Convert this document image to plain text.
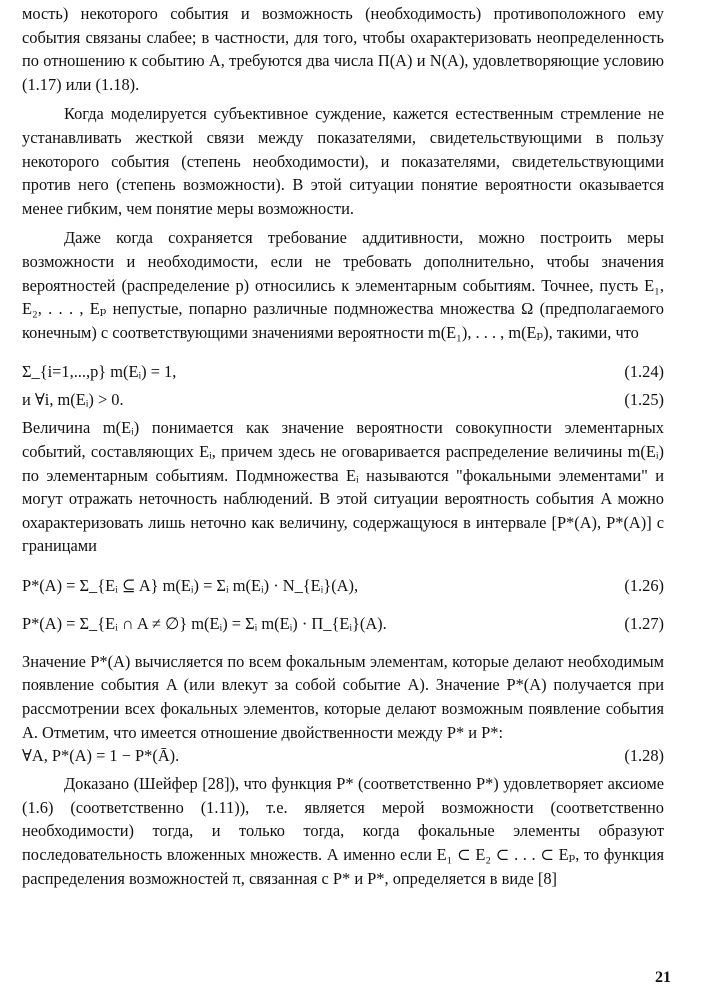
мость) некоторого события и возможность (необходимость) противоположного ему события связаны слабее; в частности, для того, чтобы охарактеризовать неопределенность по отношению к событию A, требуются два числа П(A) и N(A), удовлетворяющие условию (1.17) или (1.18).

Когда моделируется субъективное суждение, кажется естественным стремление не устанавливать жесткой связи между показателями, свидетельствующими в пользу некоторого события (степень необходимости), и показателями, свидетельствующими против него (степень возможности). В этой ситуации понятие вероятности оказывается менее гибким, чем понятие меры возможности.

Даже когда сохраняется требование аддитивности, можно построить меры возможности и необходимости, если не требовать дополнительно, чтобы значения вероятностей (распределение p) относились к элементарным событиям. Точнее, пусть E₁, E₂, . . . , Eₚ непустые, попарно различные подмножества множества Ω (предполагаемого конечным) с соответствующими значениями вероятности m(E₁), . . . , m(Eₚ), такими, что

Σ_{i=1,...,p} m(Eᵢ) = 1,	(1.24)
и ∀i, m(Eᵢ) > 0.	(1.25)

Величина m(Eᵢ) понимается как значение вероятности совокупности элементарных событий, составляющих Eᵢ, причем здесь не оговаривается распределение величины m(Eᵢ) по элементарным событиям. Подмножества Eᵢ называются "фокальными элементами" и могут отражать неточность наблюдений. В этой ситуации вероятность события A можно охарактеризовать лишь неточно как величину, содержащуюся в интервале [P*(A), P*(A)] с границами

P*(A) = Σ_{Eᵢ ⊆ A} m(Eᵢ) = Σᵢ m(Eᵢ) · N_{Eᵢ}(A),	(1.26)
P*(A) = Σ_{Eᵢ ∩ A ≠ ∅} m(Eᵢ) = Σᵢ m(Eᵢ) · П_{Eᵢ}(A).	(1.27)

Значение P*(A) вычисляется по всем фокальным элементам, которые делают необходимым появление события A (или влекут за собой событие A). Значение P*(A) получается при рассмотрении всех фокальных элементов, которые делают возможным появление события A. Отметим, что имеется отношение двойственности между P* и P*:

∀A, P*(A) = 1 − P*(Ā).	(1.28)

Доказано (Шейфер [28]), что функция P* (соответственно P*) удовлетворяет аксиоме (1.6) (соответственно (1.11)), т.е. является мерой возможности (соответственно необходимости) тогда, и только тогда, когда фокальные элементы образуют последовательность вложенных множеств. А именно если E₁ ⊂ E₂ ⊂ . . . ⊂ Eₚ, то функция распределения возможностей π, связанная с P* и P*, определяется в виде [8]

21
